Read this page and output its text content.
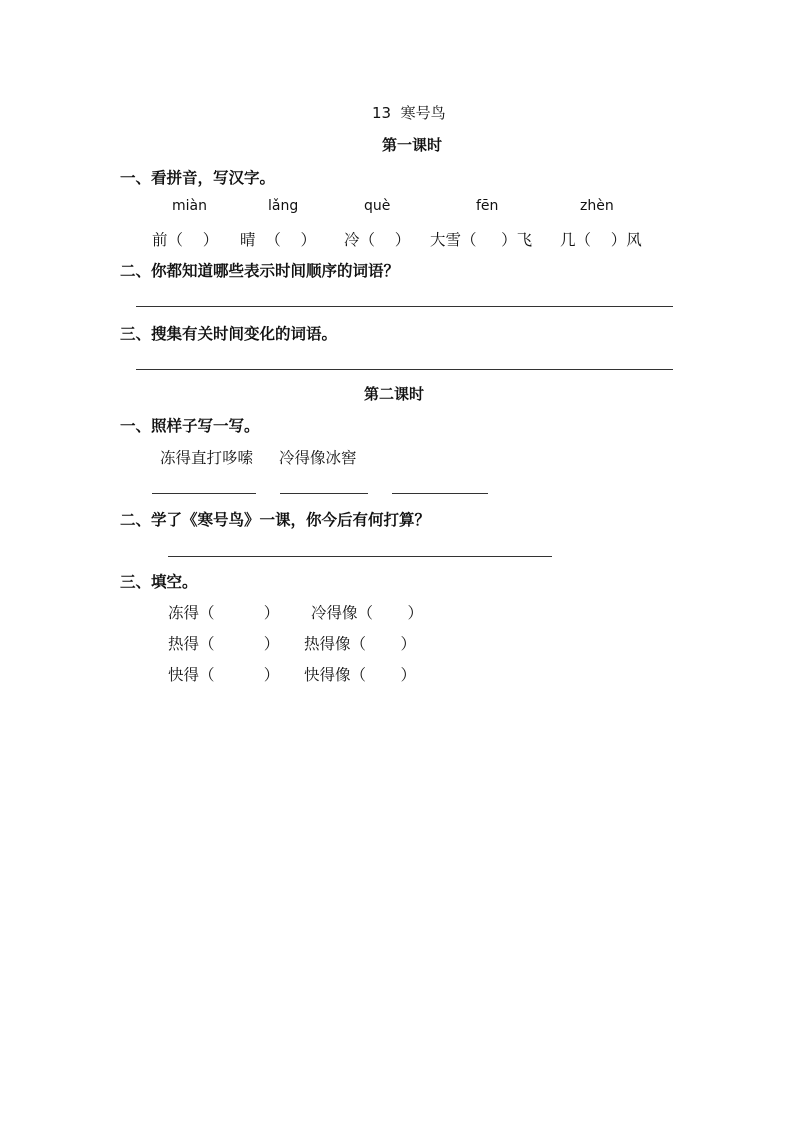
13  寒号鸟
第一课时
一、看拼音，写汉字。
miàn	lǎng	què	fēn	zhèn
前（    ） 晴  （    ） 冷（    ） 大雪（     ）飞 几（    ）风
二、你都知道哪些表示时间顺序的词语？
三、搜集有关时间变化的词语。
第二课时
一、照样子写一写。
冻得直打哆嗦 冷得像冰窖
二、学了《寒号鸟》一课，你今后有何打算？
三、填空。
冻得（          ） 冷得像（       ）
热得（          ） 热得像（       ）
快得（          ） 快得像（       ）
